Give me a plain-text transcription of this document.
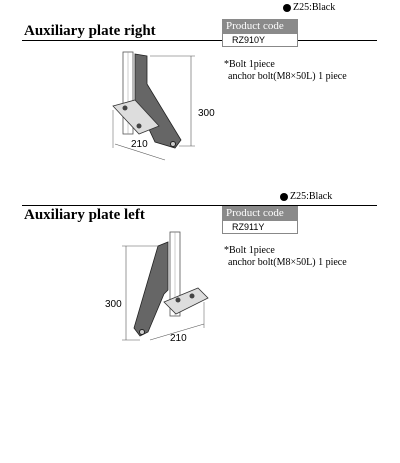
Z25:Black
Auxiliary plate right	Product code
RZ910Y
*Bolt 1piece
anchor bolt(M8×50L) 1 piece
300
210
Z25:Black
Auxiliary plate left	Product code
RZ911Y
*Bolt 1piece
anchor bolt(M8×50L) 1 piece
300
210
